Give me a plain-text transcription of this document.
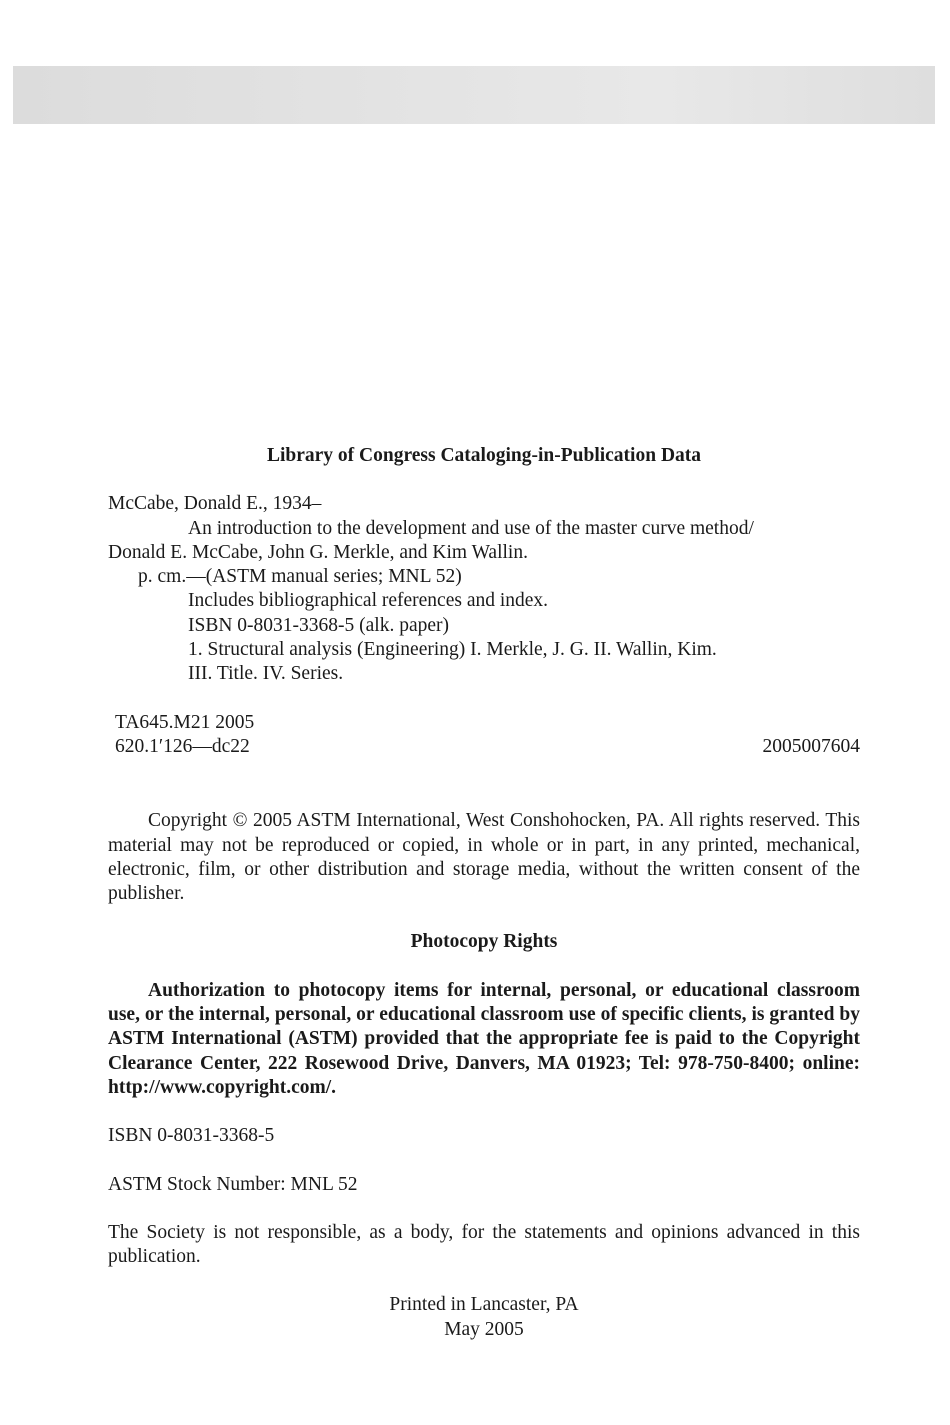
Library of Congress Cataloging-in-Publication Data
McCabe, Donald E., 1934–
An introduction to the development and use of the master curve method/
Donald E. McCabe, John G. Merkle, and Kim Wallin.
p. cm.—(ASTM manual series; MNL 52)
Includes bibliographical references and index.
ISBN 0-8031-3368-5 (alk. paper)
1. Structural analysis (Engineering) I. Merkle, J. G. II. Wallin, Kim.
III. Title. IV. Series.
TA645.M21 2005
620.1′126—dc22	2005007604
Copyright © 2005 ASTM International, West Conshohocken, PA. All rights reserved. This material may not be reproduced or copied, in whole or in part, in any printed, mechanical, electronic, film, or other distribution and storage media, without the written consent of the publisher.
Photocopy Rights
Authorization to photocopy items for internal, personal, or educational classroom use, or the internal, personal, or educational classroom use of specific clients, is granted by ASTM International (ASTM) provided that the appropriate fee is paid to the Copyright Clearance Center, 222 Rosewood Drive, Danvers, MA 01923; Tel: 978-750-8400; online: http://www.copyright.com/.
ISBN 0-8031-3368-5
ASTM Stock Number: MNL 52
The Society is not responsible, as a body, for the statements and opinions advanced in this publication.
Printed in Lancaster, PA
May 2005
